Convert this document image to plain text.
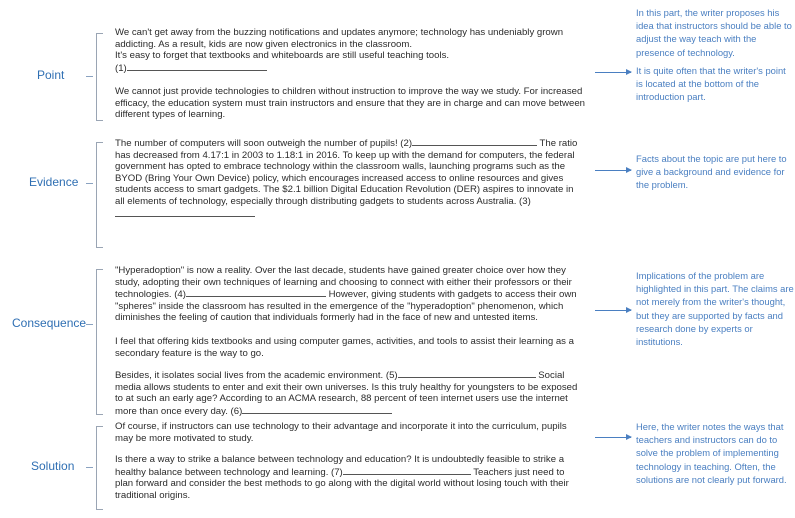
Point

We can't get away from the buzzing notifications and updates anymore; technology has undeniably grown addicting. As a result, kids are now given electronics in the classroom.
It's easy to forget that textbooks and whiteboards are still useful teaching tools.
(1)

We cannot just provide technologies to children without instruction to improve the way we study. For increased efficacy, the education system must train instructors and ensure that they are in charge and can move between different types of learning.

In this part, the writer proposes his idea that instructors should be able to adjust the way teach with the presence of technology.

It is quite often that the writer's point is located at the bottom of the introduction part.

Evidence

The number of computers will soon outweigh the number of pupils! (2)	The ratio has decreased from 4.17:1 in 2003 to 1.18:1 in 2016. To keep up with the demand for computers, the federal government has opted to embrace technology within the classroom walls, launching programs such as the BYOD (Bring Your Own Device) policy, which encourages increased access to online resources and gives students access to smart gadgets. The $2.1 billion Digital Education Revolution (DER) aspires to innovate in all elements of technology, especially through distributing gadgets to students across Australia. (3)

Facts about the topic are put here to give a background and evidence for the problem.
Consequence

"Hyperadoption" is now a reality. Over the last decade, students have gained greater choice over how they study, adopting their own techniques of learning and choosing to connect with either their professors or their technologies. (4)	However, giving students with gadgets to access their own "spheres" inside the classroom has resulted in the emergence of the "hyperadoption" phenomenon, which diminishes the feeling of caution that individuals formerly had in the face of new and untested items.

I feel that offering kids textbooks and using computer games, activities, and tools to assist their learning as a secondary feature is the way to go.

Besides, it isolates social lives from the academic environment. (5)	Social media allows students to enter and exit their own universes. Is this truly healthy for youngsters to be exposed to at such an early age? According to an ACMA research, 88 percent of teen internet users use the internet more than once every day. (6)

Implications of the problem are highlighted in this part. The claims are not merely from the writer's thought, but they are supported by facts and research done by experts or institutions.
Solution

Of course, if instructors can use technology to their advantage and incorporate it into the curriculum, pupils may be more motivated to study.

Is there a way to strike a balance between technology and education? It is undoubtedly feasible to strike a healthy balance between technology and learning. (7)	Teachers just need to plan forward and consider the best methods to go along with the digital world without losing touch with their traditional origins.

Here, the writer notes the ways that teachers and instructors can do to solve the problem of implementing technology in teaching. Often, the solutions are not clearly put forward.
